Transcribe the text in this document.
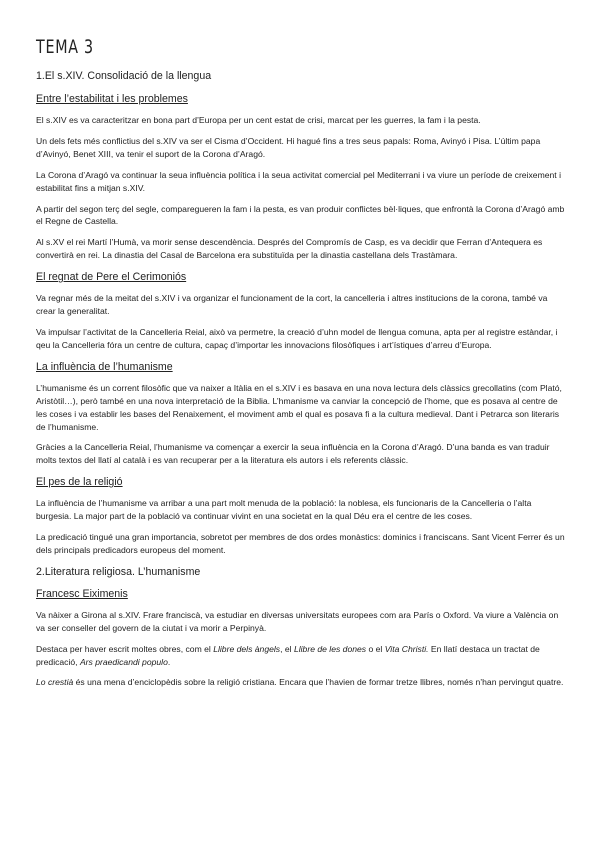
TEMA 3
1.El s.XIV. Consolidació de la llengua
Entre l’estabilitat i les problemes

El s.XIV es va caracteritzar en bona part d’Europa per un cent estat de crisi, marcat per les guerres, la fam i la pesta.

Un dels fets més conflictius del s.XIV va ser el Cisma d’Occident. Hi hagué fins a tres seus papals: Roma, Avinyó i Pisa. L’últim papa d’Avinyó, Benet XIII, va tenir el suport de la Corona d’Aragó.

La Corona d’Aragó va continuar la seua influència política i la seua activitat comercial pel Mediterrani i va viure un període de creixement i estabilitat fins a mitjan s.XIV.

A partir del segon terç del segle, comparegueren la fam i la pesta, es van produir conflictes bèl·liques, que enfrontà la Corona d’Aragó amb el Regne de Castella.

Al s.XV el rei Martí l’Humà, va morir sense descendència. Després del Compromís de Casp, es va decidir que Ferran d’Antequera es convertirà en rei. La dinastia del Casal de Barcelona era substituïda per la dinastia castellana dels Trastàmara.

El regnat de Pere el Cerimoniós

Va regnar més de la meitat del s.XIV i va organizar el funcionament de la cort, la cancelleria i altres institucions de la corona, també va crear la generalitat.

Va impulsar l’activitat de la Cancelleria Reial, això va permetre, la creació d’uhn model de llengua comuna, apta per al registre estàndar, i qeu la Cancelleria fóra un centre de cultura, capaç d’importar les innovacions filosòfiques i art’ístiques d’arreu d’Europa.

La influència de l’humanisme

L’humanisme és un corrent filosòfic que va naixer a Itàlia en el s.XIV i es basava en una nova lectura dels clàssics grecollatins (com Plató, Aristòtil…), però també en una nova interpretació de la Biblia. L’hmanisme va canviar la concepció de l’home, que es posava al centre de les coses i va establir les bases del Renaixement, el moviment amb el qual es posava fi a la cultura medieval. Dant i Petrarca son literaris de l’humanisme.

Gràcies a la Cancelleria Reial, l’humanisme va començar a exercir la seua influència en la Corona d’Aragó. D’una banda es van traduir molts textos del llatí al català i es van recuperar per a la literatura els autors i els referents clàssic.

El pes de la religió

La influència de l’humanisme va arribar a una part molt menuda de la població: la noblesa, els funcionaris de la Cancelleria o l’alta burgesia. La major part de la població va continuar vivint en una societat en la qual Déu era el centre de les coses.

La predicació tingué una gran importancia, sobretot per membres de dos ordes monàstics: dominics i franciscans. Sant Vicent Ferrer és un dels principals predicadors europeus del moment.

2.Literatura religiosa. L’humanisme
Francesc Eiximenis

Va nàixer a Girona al s.XIV. Frare franciscà, va estudiar en diversas universitats europees com ara París o Oxford. Va viure a València on va ser conseller del govern de la ciutat i va morir a Perpinyà.

Destaca per haver escrit moltes obres, com el Llibre dels àngels, el Llibre de les dones o el Vita Christi. En llatí destaca un tractat de predicació, Ars praedicandi populo.

Lo crestià és una mena d’enciclopèdis sobre la religió cristiana. Encara que l’havien de formar tretze llibres, només n’han pervingut quatre.
